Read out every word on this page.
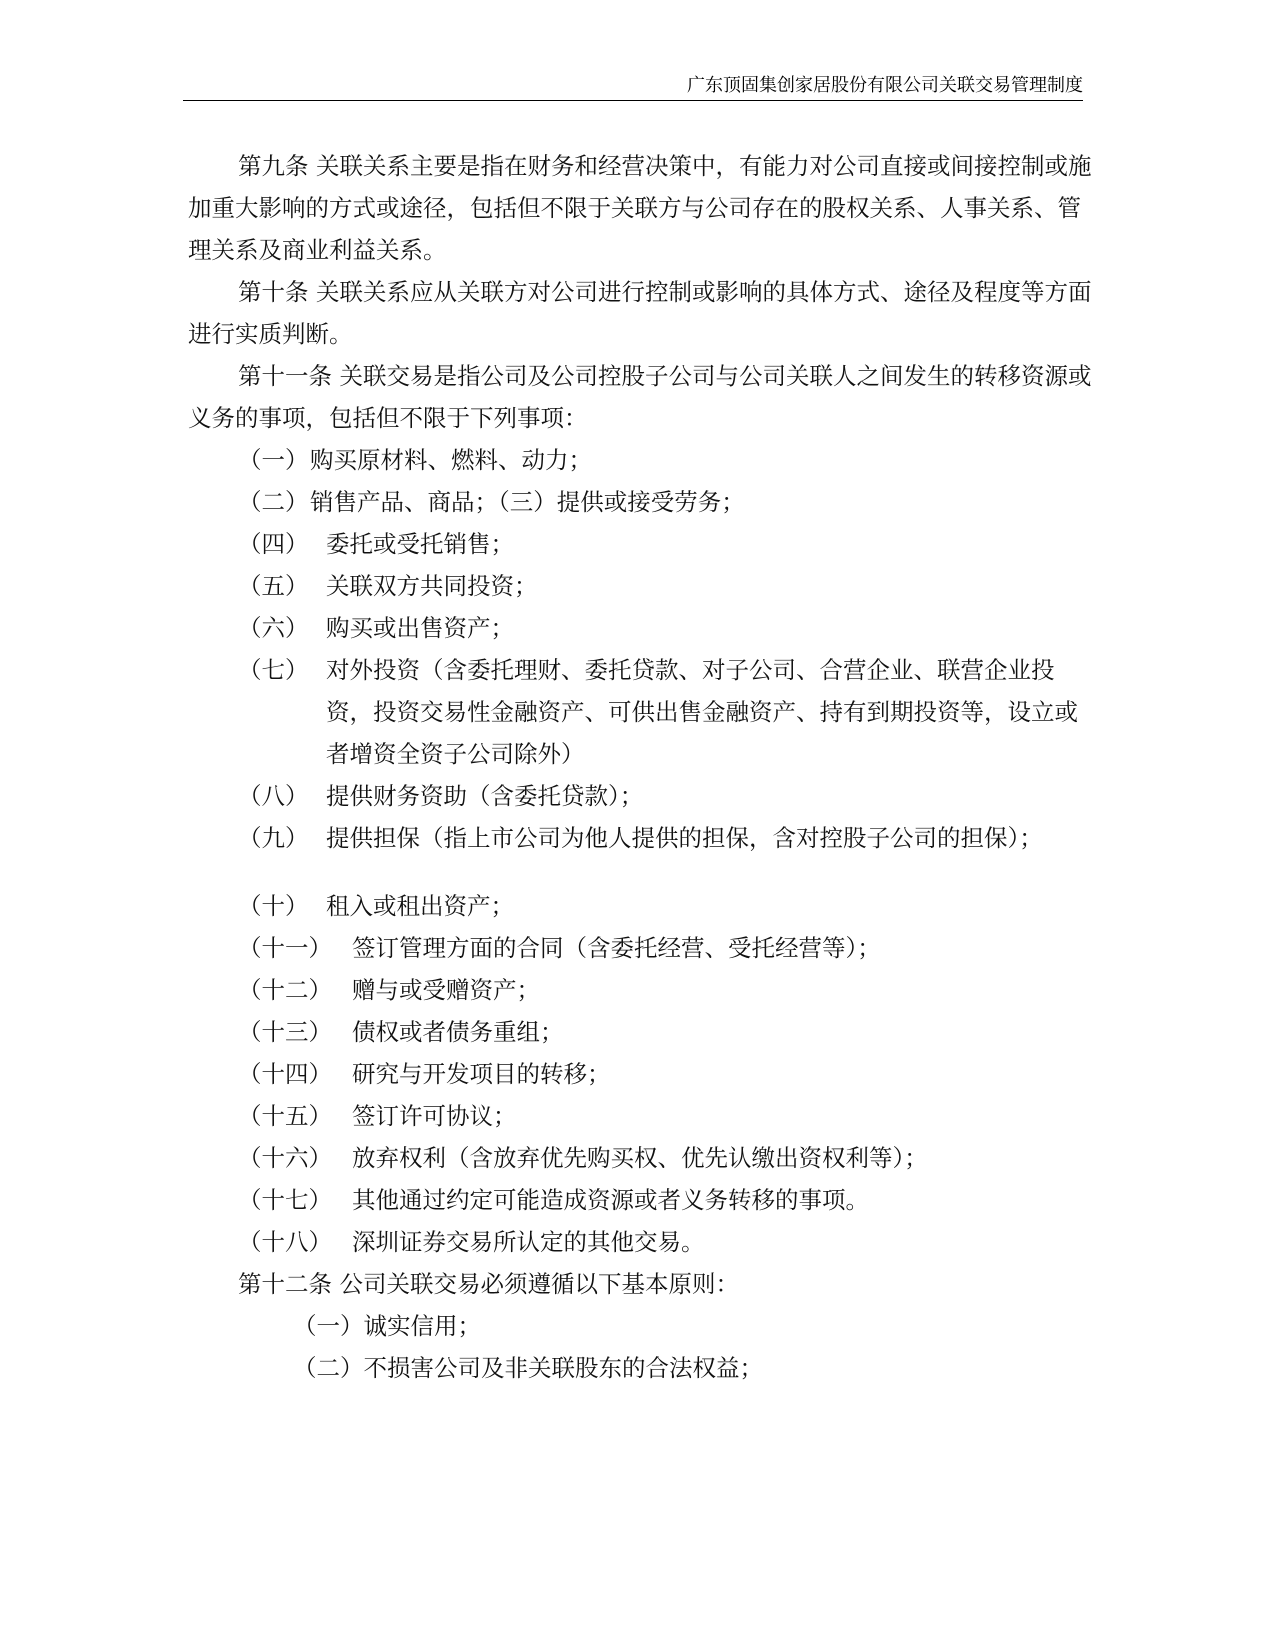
广东顶固集创家居股份有限公司关联交易管理制度

第九条 关联关系主要是指在财务和经营决策中，有能力对公司直接或间接控制或施加重大影响的方式或途径，包括但不限于关联方与公司存在的股权关系、人事关系、管理关系及商业利益关系。

第十条 关联关系应从关联方对公司进行控制或影响的具体方式、途径及程度等方面进行实质判断。

第十一条 关联交易是指公司及公司控股子公司与公司关联人之间发生的转移资源或义务的事项，包括但不限于下列事项：

（一） 购买原材料、燃料、动力；
（二） 销售产品、商品；（三）提供或接受劳务；
（四） 委托或受托销售；
（五） 关联双方共同投资；
（六） 购买或出售资产；
（七） 对外投资（含委托理财、委托贷款、对子公司、合营企业、联营企业投资，投资交易性金融资产、可供出售金融资产、持有到期投资等，设立或者增资全资子公司除外）
（八） 提供财务资助（含委托贷款）；
（九） 提供担保（指上市公司为他人提供的担保，含对控股子公司的担保）；
（十） 租入或租出资产；
（十一） 签订管理方面的合同（含委托经营、受托经营等）；
（十二） 赠与或受赠资产；
（十三） 债权或者债务重组；
（十四） 研究与开发项目的转移；
（十五） 签订许可协议；
（十六） 放弃权利（含放弃优先购买权、优先认缴出资权利等）；
（十七） 其他通过约定可能造成资源或者义务转移的事项。
（十八） 深圳证券交易所认定的其他交易。

第十二条 公司关联交易必须遵循以下基本原则：

（一） 诚实信用；
（二） 不损害公司及非关联股东的合法权益；
